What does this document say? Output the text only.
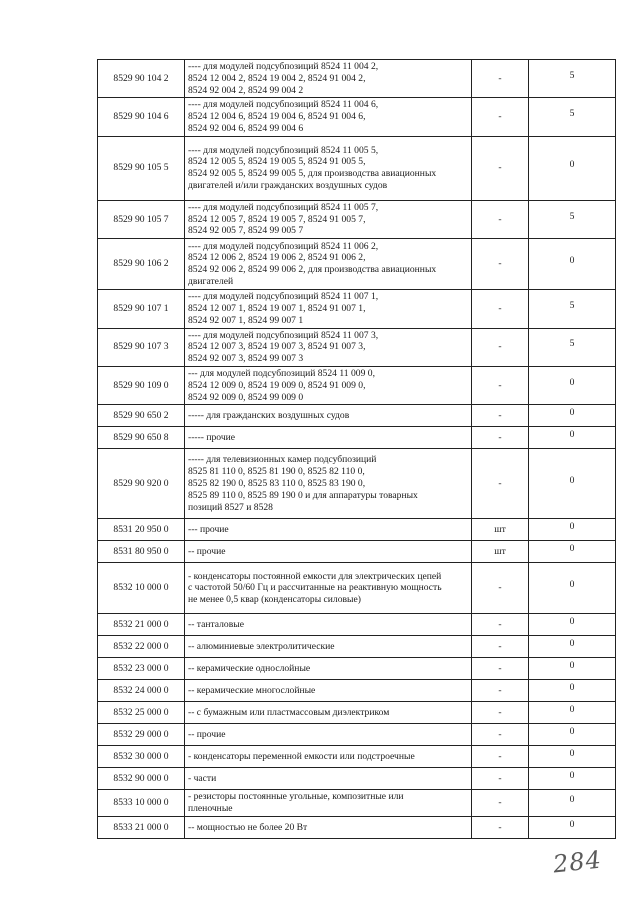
8529 90 104 2	---- для модулей подсубпозиций 8524 11 004 2,
8524 12 004 2, 8524 19 004 2, 8524 91 004 2,
8524 92 004 2, 8524 99 004 2	-	5
8529 90 104 6	---- для модулей подсубпозиций 8524 11 004 6,
8524 12 004 6, 8524 19 004 6, 8524 91 004 6,
8524 92 004 6, 8524 99 004 6	-	5
8529 90 105 5	---- для модулей подсубпозиций 8524 11 005 5,
8524 12 005 5, 8524 19 005 5, 8524 91 005 5,
8524 92 005 5, 8524 99 005 5, для производства авиационных
двигателей и/или гражданских воздушных судов	-	0
8529 90 105 7	---- для модулей подсубпозиций 8524 11 005 7,
8524 12 005 7, 8524 19 005 7, 8524 91 005 7,
8524 92 005 7, 8524 99 005 7	-	5
8529 90 106 2	---- для модулей подсубпозиций 8524 11 006 2,
8524 12 006 2, 8524 19 006 2, 8524 91 006 2,
8524 92 006 2, 8524 99 006 2, для производства авиационных
двигателей	-	0
8529 90 107 1	---- для модулей подсубпозиций 8524 11 007 1,
8524 12 007 1, 8524 19 007 1, 8524 91 007 1,
8524 92 007 1, 8524 99 007 1	-	5
8529 90 107 3	---- для модулей подсубпозиций 8524 11 007 3,
8524 12 007 3, 8524 19 007 3, 8524 91 007 3,
8524 92 007 3, 8524 99 007 3	-	5
8529 90 109 0	--- для модулей подсубпозиций 8524 11 009 0,
8524 12 009 0, 8524 19 009 0, 8524 91 009 0,
8524 92 009 0, 8524 99 009 0	-	0
8529 90 650 2	----- для гражданских воздушных судов	-	0
8529 90 650 8	----- прочие	-	0
8529 90 920 0	----- для телевизионных камер подсубпозиций
8525 81 110 0, 8525 81 190 0, 8525 82 110 0,
8525 82 190 0, 8525 83 110 0, 8525 83 190 0,
8525 89 110 0, 8525 89 190 0 и для аппаратуры товарных
позиций 8527 и 8528	-	0
8531 20 950 0	--- прочие	шт	0
8531 80 950 0	-- прочие	шт	0
8532 10 000 0	- конденсаторы постоянной емкости для электрических цепей
с частотой 50/60 Гц и рассчитанные на реактивную мощность
не менее 0,5 квар (конденсаторы силовые)	-	0
8532 21 000 0	-- танталовые	-	0
8532 22 000 0	-- алюминиевые электролитические	-	0
8532 23 000 0	-- керамические однослойные	-	0
8532 24 000 0	-- керамические многослойные	-	0
8532 25 000 0	-- с бумажным или пластмассовым диэлектриком	-	0
8532 29 000 0	-- прочие	-	0
8532 30 000 0	- конденсаторы переменной емкости или подстроечные	-	0
8532 90 000 0	- части	-	0
8533 10 000 0	- резисторы постоянные угольные, композитные или
пленочные	-	0
8533 21 000 0	-- мощностью не более 20 Вт	-	0
284
